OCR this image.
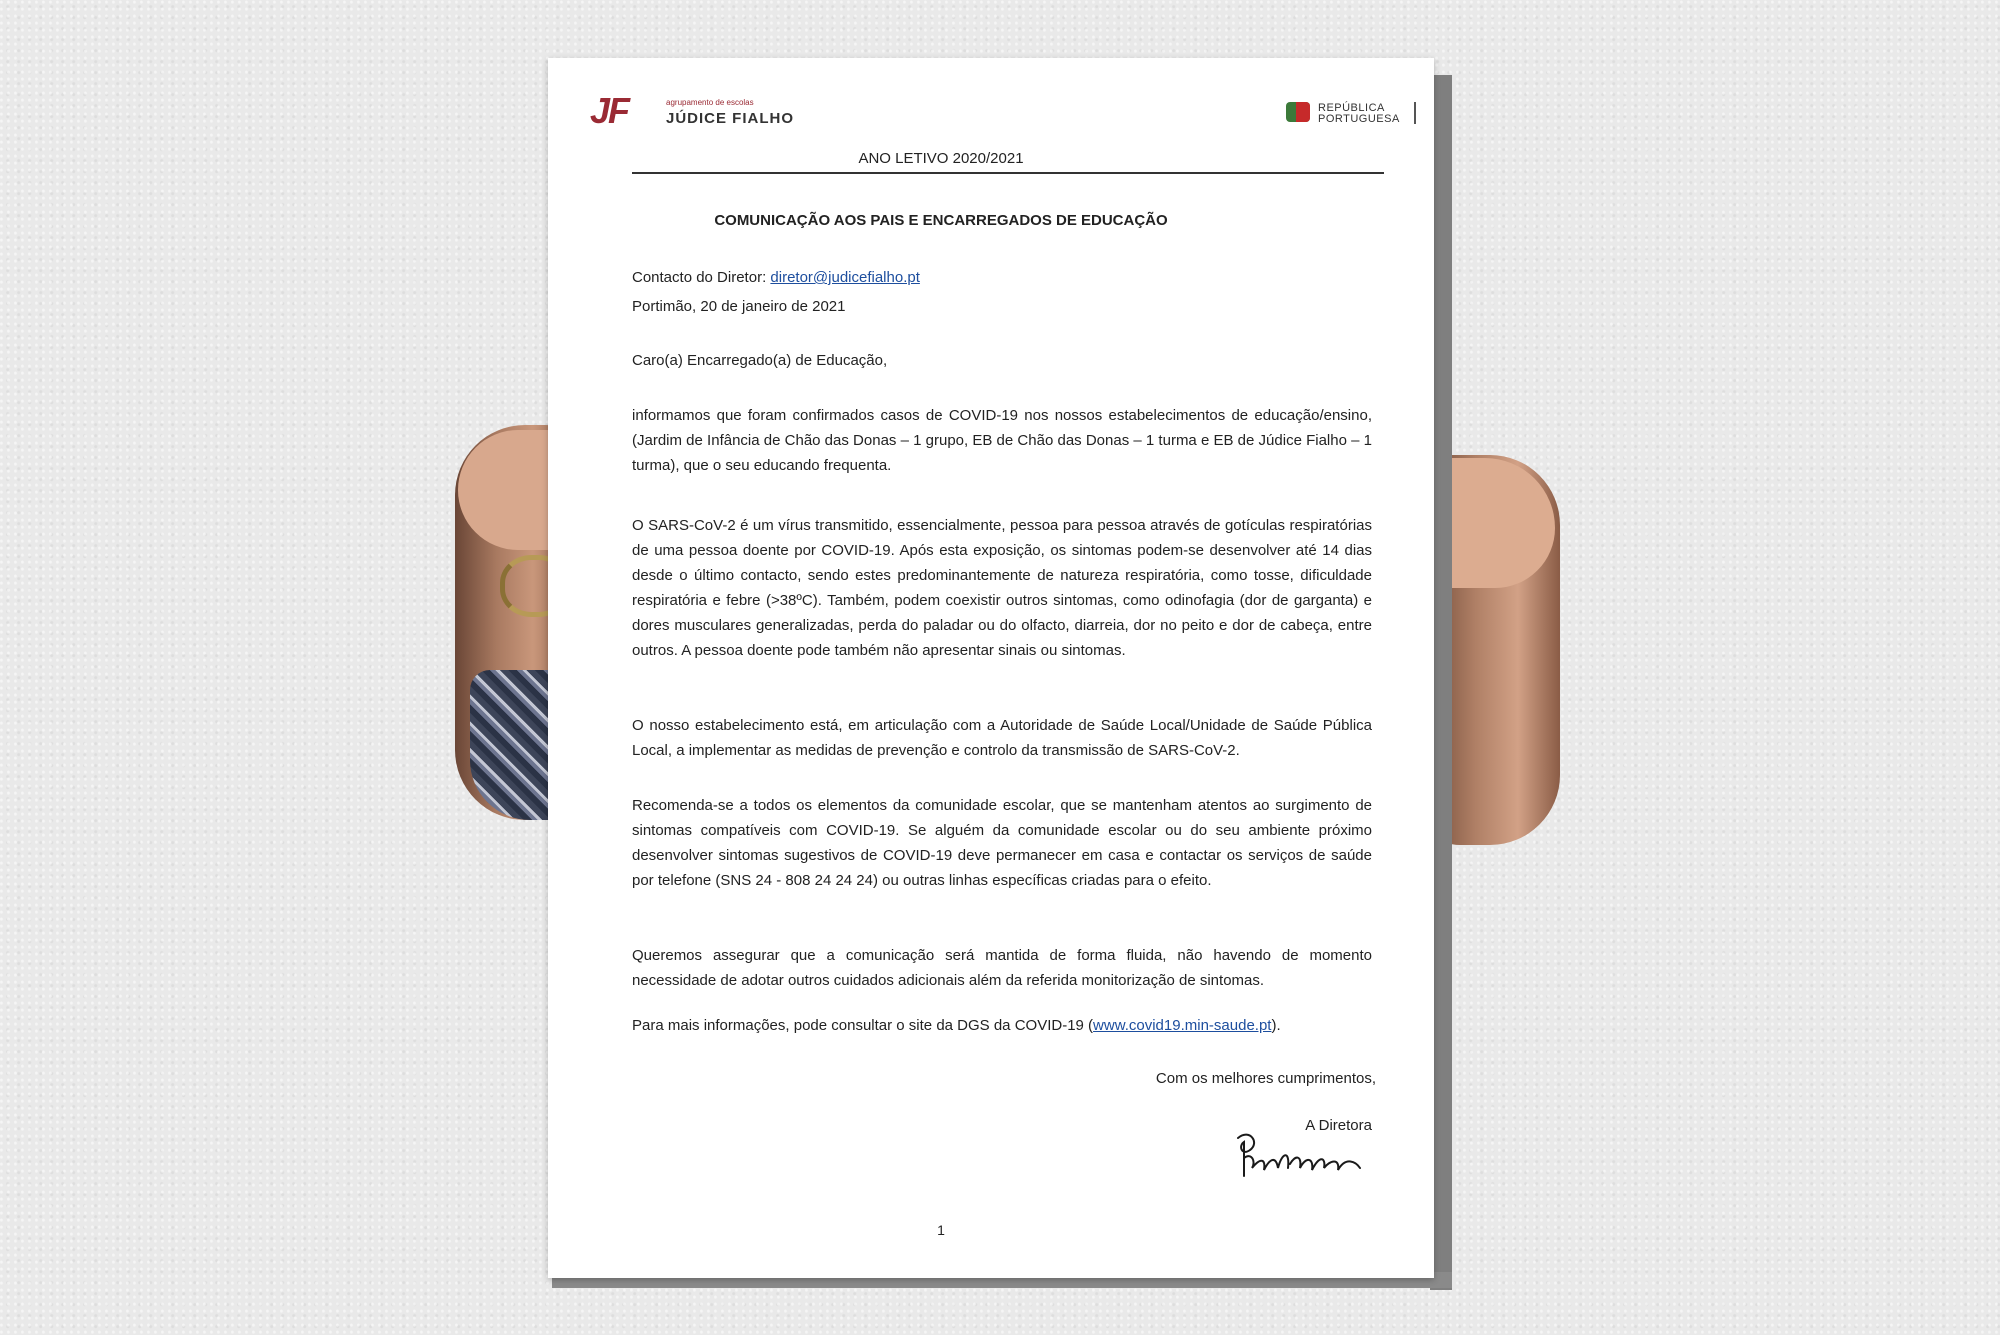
JF	agrupamento de escolas
JÚDICE FIALHO
REPÚBLICA
PORTUGUESA
ANO LETIVO 2020/2021
COMUNICAÇÃO AOS PAIS E ENCARREGADOS DE EDUCAÇÃO
Contacto do Diretor: diretor@judicefialho.pt
Portimão, 20 de janeiro de 2021
Caro(a) Encarregado(a) de Educação,
informamos que foram confirmados casos de COVID-19 nos nossos estabelecimentos de educação/ensino, (Jardim de Infância de Chão das Donas – 1 grupo, EB de Chão das Donas – 1 turma e EB de Júdice Fialho – 1 turma), que o seu educando frequenta.
O SARS-CoV-2 é um vírus transmitido, essencialmente, pessoa para pessoa através de gotículas respiratórias de uma pessoa doente por COVID-19. Após esta exposição, os sintomas podem-se desenvolver até 14 dias desde o último contacto, sendo estes predominantemente de natureza respiratória, como tosse, dificuldade respiratória e febre (>38ºC). Também, podem coexistir outros sintomas, como odinofagia (dor de garganta) e dores musculares generalizadas, perda do paladar ou do olfacto, diarreia, dor no peito e dor de cabeça, entre outros. A pessoa doente pode também não apresentar sinais ou sintomas.
O nosso estabelecimento está, em articulação com a Autoridade de Saúde Local/Unidade de Saúde Pública Local, a implementar as medidas de prevenção e controlo da transmissão de SARS-CoV-2.
Recomenda-se a todos os elementos da comunidade escolar, que se mantenham atentos ao surgimento de sintomas compatíveis com COVID-19. Se alguém da comunidade escolar ou do seu ambiente próximo desenvolver sintomas sugestivos de COVID-19 deve permanecer em casa e contactar os serviços de saúde por telefone (SNS 24 - 808 24 24 24) ou outras linhas específicas criadas para o efeito.
Queremos assegurar que a comunicação será mantida de forma fluida, não havendo de momento necessidade de adotar outros cuidados adicionais além da referida monitorização de sintomas.
Para mais informações, pode consultar o site da DGS da COVID-19 (www.covid19.min-saude.pt).
Com os melhores cumprimentos,
A Diretora
1
